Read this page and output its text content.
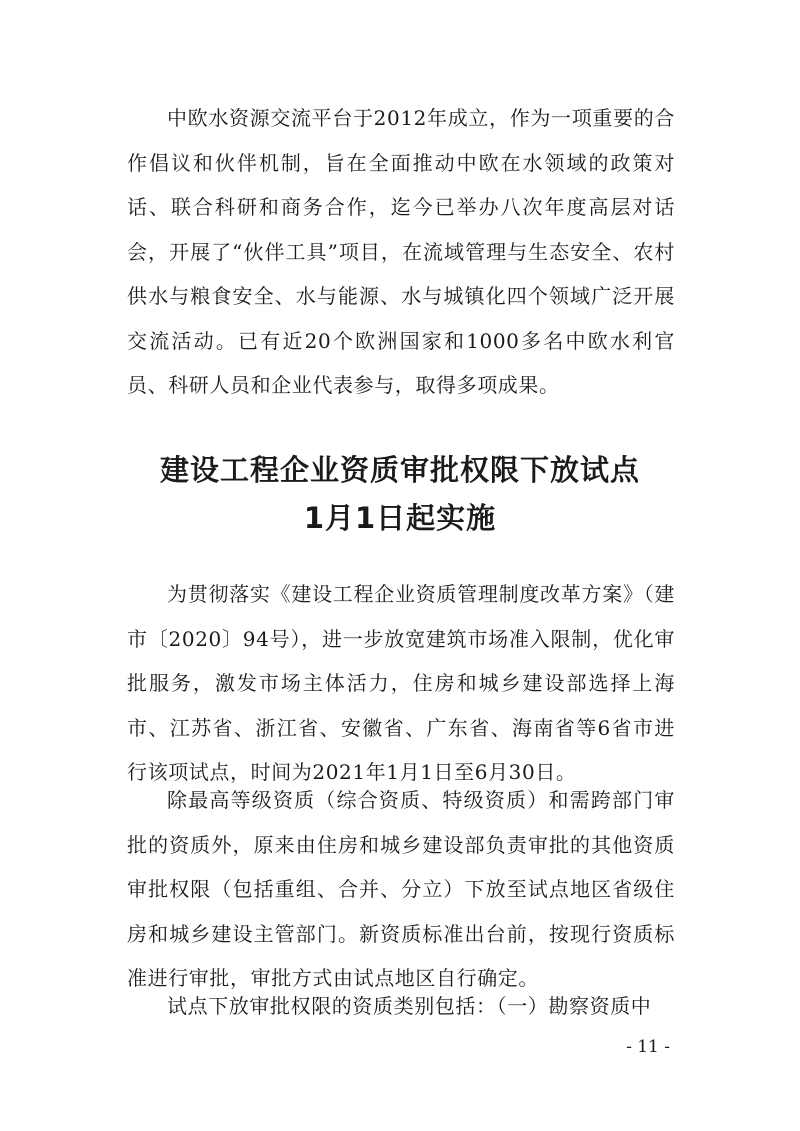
中欧水资源交流平台于2012年成立，作为一项重要的合作倡议和伙伴机制，旨在全面推动中欧在水领域的政策对话、联合科研和商务合作，迄今已举办八次年度高层对话会，开展了“伙伴工具”项目，在流域管理与生态安全、农村供水与粮食安全、水与能源、水与城镇化四个领域广泛开展交流活动。已有近20个欧洲国家和1000多名中欧水利官员、科研人员和企业代表参与，取得多项成果。

建设工程企业资质审批权限下放试点
1月1日起实施

为贯彻落实《建设工程企业资质管理制度改革方案》（建市〔2020〕94号），进一步放宽建筑市场准入限制，优化审批服务，激发市场主体活力，住房和城乡建设部选择上海市、江苏省、浙江省、安徽省、广东省、海南省等6省市进行该项试点，时间为2021年1月1日至6月30日。

除最高等级资质（综合资质、特级资质）和需跨部门审批的资质外，原来由住房和城乡建设部负责审批的其他资质审批权限（包括重组、合并、分立）下放至试点地区省级住房和城乡建设主管部门。新资质标准出台前，按现行资质标准进行审批，审批方式由试点地区自行确定。

试点下放审批权限的资质类别包括：（一）勘察资质中

- 11 -
